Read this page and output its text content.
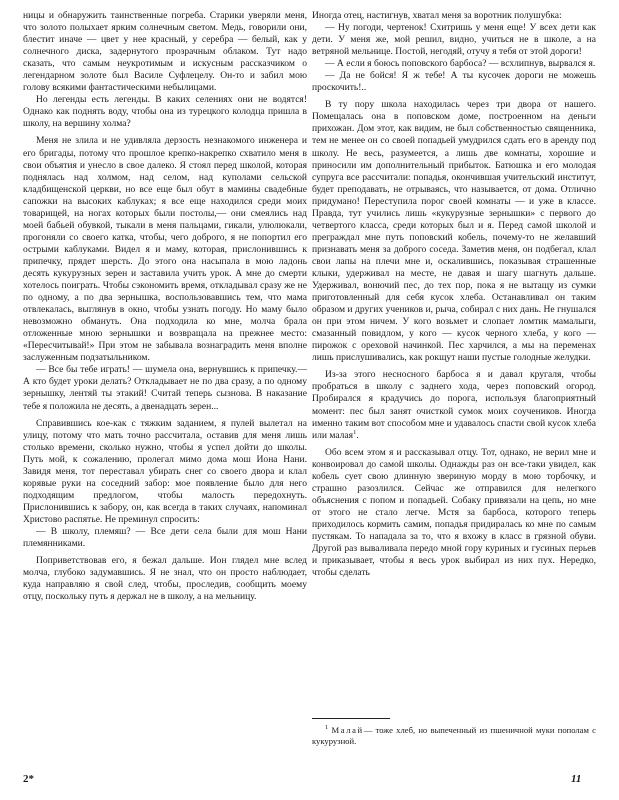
ницы и обнаружить таинственные погреба. Старики уверяли меня, что золото полыхает ярким солнечным светом. Медь, говорили они, блестит иначе — цвет у нее красный, у серебра — белый, как у солнечного диска, задернутого прозрачным облаком. Тут надо сказать, что самым неукротимым и искусным рассказчиком о легендарном золоте был Василе Суфлецелу. Он-то и забил мою голову всякими фантастическими небылицами.

Но легенды есть легенды. В каких селениях они не водятся! Однако как поднять воду, чтобы она из турецкого колодца пришла в школу, на вершину холма?

Меня не злила и не удивляла дерзость незнакомого инженера и его бригады, потому что прошлое крепко-накрепко схватило меня в свои объятия и унесло в свое далеко. Я стоял перед школой, которая поднялась над холмом, над селом, над куполами сельской кладбищенской церкви, но все еще был обут в мамины свадебные сапожки на высоких каблуках; я все еще находился среди моих товарищей, на ногах которых были постолы,— они смеялись над моей бабьей обувкой, тыкали в меня пальцами, гикали, улюлюкали, прогоняли со своего катка, чтобы, чего доброго, я не попортил его острыми каблуками. Видел я и маму, которая, прислонившись к припечку, прядет шерсть. До этого она насыпала в мою ладонь десять кукурузных зерен и заставила учить урок. А мне до смерти хотелось поиграть. Чтобы сэкономить время, откладывал сразу же не по одному, а по два зернышка, воспользовавшись тем, что мама отвлекалась, выглянув в окно, чтобы узнать погоду. Но маму было невозможно обмануть. Она подходила ко мне, молча брала отложенные мною зернышки и возвращала на прежнее место: «Пересчитывай!» При этом не забывала вознаградить меня вполне заслуженным подзатыльником.

— Все бы тебе играть! — шумела она, вернувшись к припечку.— А кто будет уроки делать? Откладывает не по два сразу, а по одному зернышку, лентяй ты этакий! Считай теперь сызнова. В наказание тебе я положила не десять, а двенадцать зерен...

Справившись кое-как с тяжким заданием, я пулей вылетал на улицу, потому что мать точно рассчитала, оставив для меня лишь столько времени, сколько нужно, чтобы я успел дойти до школы. Путь мой, к сожалению, пролегал мимо дома мош Иона Нани. Завидя меня, тот переставал убирать снег со своего двора и клал корявые руки на соседний забор: мое появление было для него подходящим предлогом, чтобы малость передохнуть. Прислонившись к забору, он, как всегда в таких случаях, напоминал Христово распятье. Не преминул спросить:

— В школу, племяш? — Все дети села были для мош Нани племянниками.

Поприветствовав его, я бежал дальше. Ион глядел мне вслед молча, глубоко задумавшись. Я не знал, что он просто наблюдает, куда направляю я свой след, чтобы, проследив, сообщить моему отцу, поскольку путь я держал не в школу, а на мельницу.

Иногда отец, настигнув, хватал меня за воротник полушубка:

— Ну погоди, чертенок! Схитришь у меня еще! У всех дети как дети. У меня же, мой решил, видно, учиться не в школе, а на ветряной мельнице. Постой, негодяй, отучу я тебя от этой дороги!

— А если я боюсь поповского барбоса? — всхлипнув, вырвался я.

— Да не бойся! Я ж тебе! А ты кусочек дороги не можешь проскочить!..

В ту пору школа находилась через три двора от нашего. Помещалась она в поповском доме, построенном на деньги прихожан. Дом этот, как видим, не был собственностью священника, тем не менее он со своей попадьей умудрился сдать его в аренду под школу. Не весь, разумеется, а лишь две комнаты, хорошие и приносили им дополнительный прибыток. Батюшка и его молодая супруга все рассчитали: попадья, окончившая учительский институт, будет преподавать, не отрываясь, что называется, от дома. Отлично придумано! Переступила порог своей комнаты — и уже в классе. Правда, тут учились лишь «кукурузные зернышки» с первого до четвертого класса, среди которых был и я. Перед самой школой и преграждал мне путь поповский кобель, почему-то не желавший признавать меня за доброго соседа. Заметив меня, он подбегал, клал свои лапы на плечи мне и, оскалившись, показывая страшенные клыки, удерживал на месте, не давая и шагу шагнуть дальше. Удерживал, вонючий пес, до тех пор, пока я не вытащу из сумки приготовленный для себя кусок хлеба. Останавливал он таким образом и других учеников и, рыча, собирал с них дань. Не гнушался он при этом ничем. У кого возьмет и слопает ломтик мамалыги, смазанный повидлом, у кого — кусок черного хлеба, у кого — пирожок с ореховой начинкой. Пес харчился, а мы на переменах лишь прислушивались, как рокщут наши пустые голодные желудки.

Из-за этого несносного барбоса я и давал кругаля, чтобы пробраться в школу с заднего хода, через поповский огород. Пробирался я крадучись до порога, используя благоприятный момент: пес был занят очисткой сумок моих соучеников. Иногда именно таким вот способом мне и удавалось спасти свой кусок хлеба или малая$^1$.

Обо всем этом я и рассказывал отцу. Тот, однако, не верил мне и конвоировал до самой школы. Однажды раз он все-таки увидел, как кобель сует свою длинную звериную морду в мою торбочку, и страшно разозлился. Сейчас же отправился для нелегкого объяснения с попом и попадьей. Собаку привязали на цепь, но мне от этого не стало легче. Мстя за барбоса, которого теперь приходилось кормить самим, попадья придиралась ко мне по самым пустякам. То нападала за то, что я вхожу в класс в грязной обуви. Другой раз вываливала передо мной гору куриных и гусиных перьев и приказывает, чтобы я весь урок выбирал из них пух. Нередко, чтобы сделать

$^1$ Малай— тоже хлеб, но выпеченный из пшеничной муки пополам с кукурузной.

2*	11
